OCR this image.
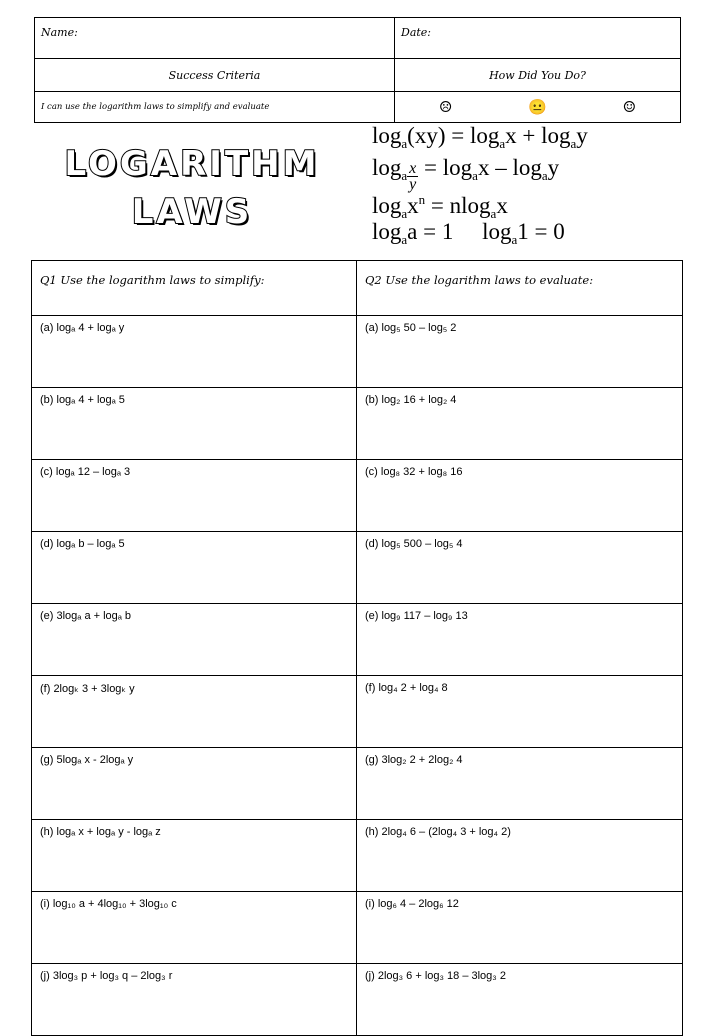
Name:	Date:
Success Criteria	How Did You Do?
I can use the logarithm laws to simplify and evaluate	☹ 😐 ☺
LOGARITHM
LAWS
$\log_a(xy) = \log_ax + \log_ay$
$\log_a \frac{x}{y} = \log_ax - \log_ay$
$\log_ax^n = nlog_ax$
$\log_aa = 1$     $\log_a1 = 0$
Q1 Use the logarithm laws to simplify:	Q2 Use the logarithm laws to evaluate:
(a) logₐ 4 + logₐ y	(a) log₅ 50 – log₅ 2
(b) logₐ 4 + logₐ 5	(b) log₂ 16 + log₂ 4
(c) logₐ 12 – logₐ 3	(c) log₈ 32 + log₈ 16
(d) logₐ b – logₐ 5	(d) log₅ 500 – log₅ 4
(e) 3logₐ a + logₐ b	(e) log₉ 117 – log₉ 13
(f) 2logₖ 3 + 3logₖ y	(f) log₄ 2 + log₄ 8
(g) 5logₐ x - 2logₐ y	(g) 3log₂ 2 + 2log₂ 4
(h) logₐ x + logₐ y - logₐ z	(h) 2log₄ 6 – (2log₄ 3 + log₄ 2)
(i) log₁₀ a + 4log₁₀ + 3log₁₀ c	(i) log₆ 4 – 2log₆ 12
(j) 3log₃ p + log₃ q – 2log₃ r	(j) 2log₃ 6 + log₃ 18 – 3log₃ 2
